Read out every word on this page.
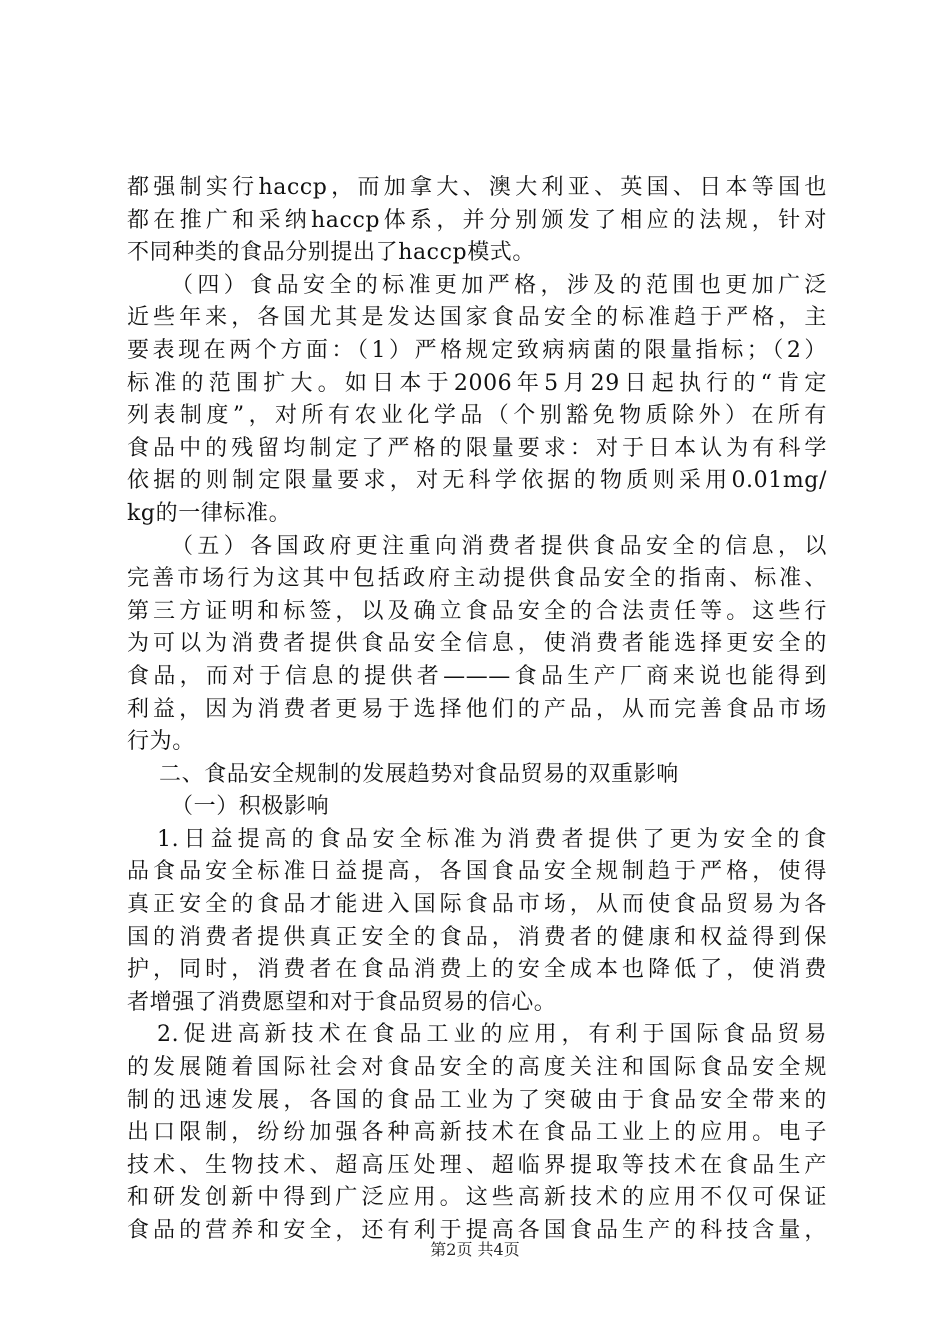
都强制实行haccp，而加拿大、澳大利亚、英国、日本等国也
都在推广和采纳haccp体系，并分别颁发了相应的法规，针对
不同种类的食品分别提出了haccp模式。
（四）食品安全的标准更加严格，涉及的范围也更加广泛
近些年来，各国尤其是发达国家食品安全的标准趋于严格，主
要表现在两个方面：（1）严格规定致病病菌的限量指标；（2）
标准的范围扩大。如日本于2006年5月29日起执行的“肯定
列表制度”，对所有农业化学品（个别豁免物质除外）在所有
食品中的残留均制定了严格的限量要求：对于日本认为有科学
依据的则制定限量要求，对无科学依据的物质则采用0.01mg/
kg的一律标准。
（五）各国政府更注重向消费者提供食品安全的信息，以
完善市场行为这其中包括政府主动提供食品安全的指南、标准、
第三方证明和标签，以及确立食品安全的合法责任等。这些行
为可以为消费者提供食品安全信息，使消费者能选择更安全的
食品，而对于信息的提供者———食品生产厂商来说也能得到
利益，因为消费者更易于选择他们的产品，从而完善食品市场
行为。
二、食品安全规制的发展趋势对食品贸易的双重影响
（一）积极影响
1.日益提高的食品安全标准为消费者提供了更为安全的食
品食品安全标准日益提高，各国食品安全规制趋于严格，使得
真正安全的食品才能进入国际食品市场，从而使食品贸易为各
国的消费者提供真正安全的食品，消费者的健康和权益得到保
护，同时，消费者在食品消费上的安全成本也降低了，使消费
者增强了消费愿望和对于食品贸易的信心。
2.促进高新技术在食品工业的应用，有利于国际食品贸易
的发展随着国际社会对食品安全的高度关注和国际食品安全规
制的迅速发展，各国的食品工业为了突破由于食品安全带来的
出口限制，纷纷加强各种高新技术在食品工业上的应用。电子
技术、生物技术、超高压处理、超临界提取等技术在食品生产
和研发创新中得到广泛应用。这些高新技术的应用不仅可保证
食品的营养和安全，还有利于提高各国食品生产的科技含量，
第2页 共4页
